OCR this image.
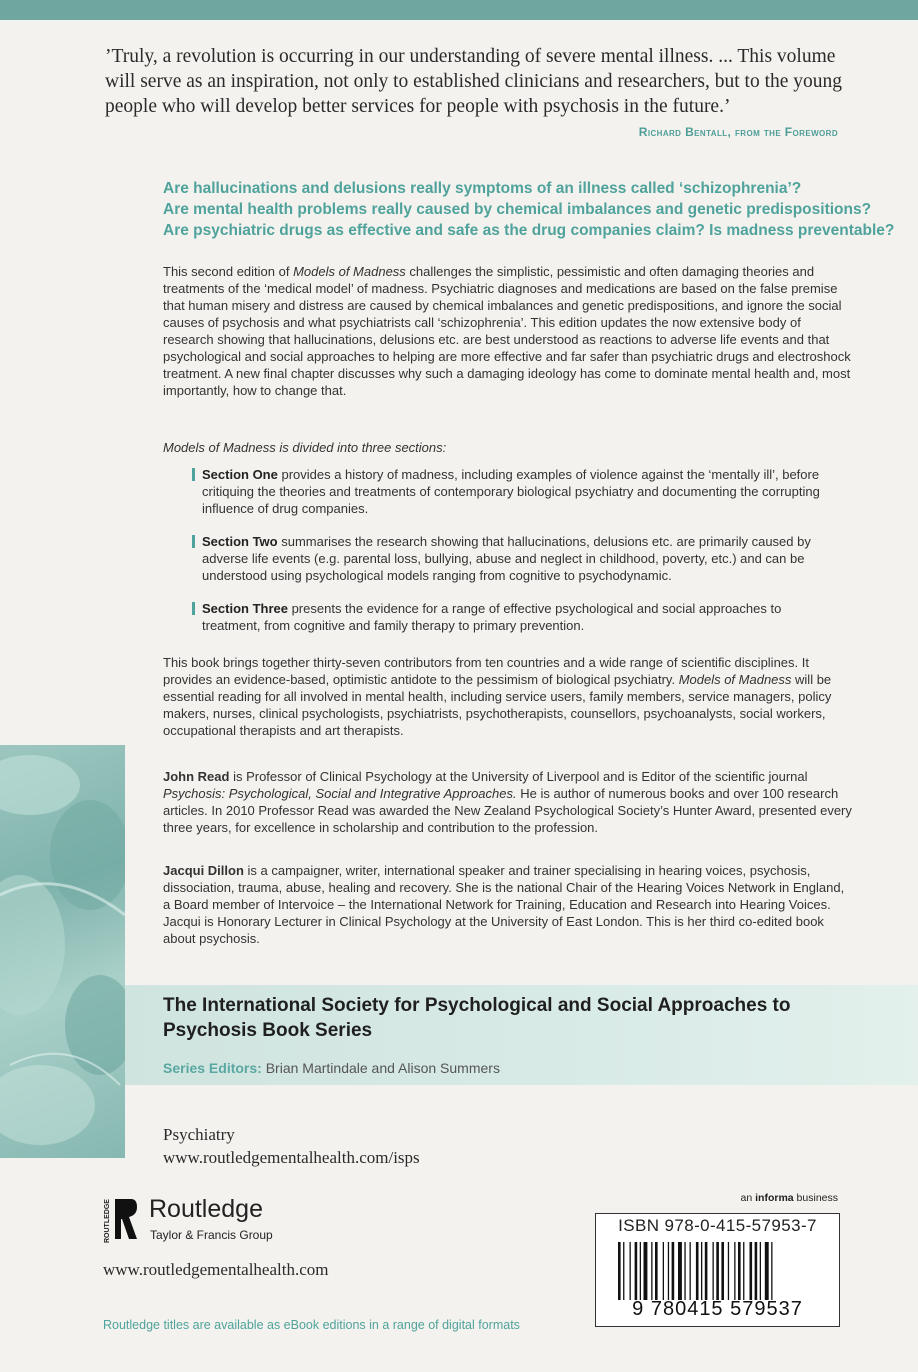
’Truly, a revolution is occurring in our understanding of severe mental illness. ... This volume will serve as an inspiration, not only to established clinicians and researchers, but to the young people who will develop better services for people with psychosis in the future.’
Richard Bentall, from the Foreword
Are hallucinations and delusions really symptoms of an illness called ‘schizophrenia’?
Are mental health problems really caused by chemical imbalances and genetic predispositions?
Are psychiatric drugs as effective and safe as the drug companies claim? Is madness preventable?

This second edition of Models of Madness challenges the simplistic, pessimistic and often damaging theories and treatments of the ‘medical model’ of madness. Psychiatric diagnoses and medications are based on the false premise that human misery and distress are caused by chemical imbalances and genetic predispositions, and ignore the social causes of psychosis and what psychiatrists call ‘schizophrenia’. This edition updates the now extensive body of research showing that hallucinations, delusions etc. are best understood as reactions to adverse life events and that psychological and social approaches to helping are more effective and far safer than psychiatric drugs and electroshock treatment. A new final chapter discusses why such a damaging ideology has come to dominate mental health and, most importantly, how to change that.

Models of Madness is divided into three sections:
Section One provides a history of madness, including examples of violence against the ‘mentally ill’, before critiquing the theories and treatments of contemporary biological psychiatry and documenting the corrupting influence of drug companies.
Section Two summarises the research showing that hallucinations, delusions etc. are primarily caused by adverse life events (e.g. parental loss, bullying, abuse and neglect in childhood, poverty, etc.) and can be understood using psychological models ranging from cognitive to psychodynamic.
Section Three presents the evidence for a range of effective psychological and social approaches to treatment, from cognitive and family therapy to primary prevention.

This book brings together thirty-seven contributors from ten countries and a wide range of scientific disciplines. It provides an evidence-based, optimistic antidote to the pessimism of biological psychiatry. Models of Madness will be essential reading for all involved in mental health, including service users, family members, service managers, policy makers, nurses, clinical psychologists, psychiatrists, psychotherapists, counsellors, psychoanalysts, social workers, occupational therapists and art therapists.

John Read is Professor of Clinical Psychology at the University of Liverpool and is Editor of the scientific journal Psychosis: Psychological, Social and Integrative Approaches. He is author of numerous books and over 100 research articles. In 2010 Professor Read was awarded the New Zealand Psychological Society’s Hunter Award, presented every three years, for excellence in scholarship and contribution to the profession.

Jacqui Dillon is a campaigner, writer, international speaker and trainer specialising in hearing voices, psychosis, dissociation, trauma, abuse, healing and recovery. She is the national Chair of the Hearing Voices Network in England, a Board member of Intervoice – the International Network for Training, Education and Research into Hearing Voices. Jacqui is Honorary Lecturer in Clinical Psychology at the University of East London. This is her third co-edited book about psychosis.

The International Society for Psychological and Social Approaches to Psychosis Book Series
Series Editors: Brian Martindale and Alison Summers
Psychiatry
www.routledgementalhealth.com/isps
ROUTLEDGE Routledge
Taylor & Francis Group
www.routledgementalhealth.com
an informa business
ISBN 978-0-415-57953-7
9 780415 579537
Routledge titles are available as eBook editions in a range of digital formats
